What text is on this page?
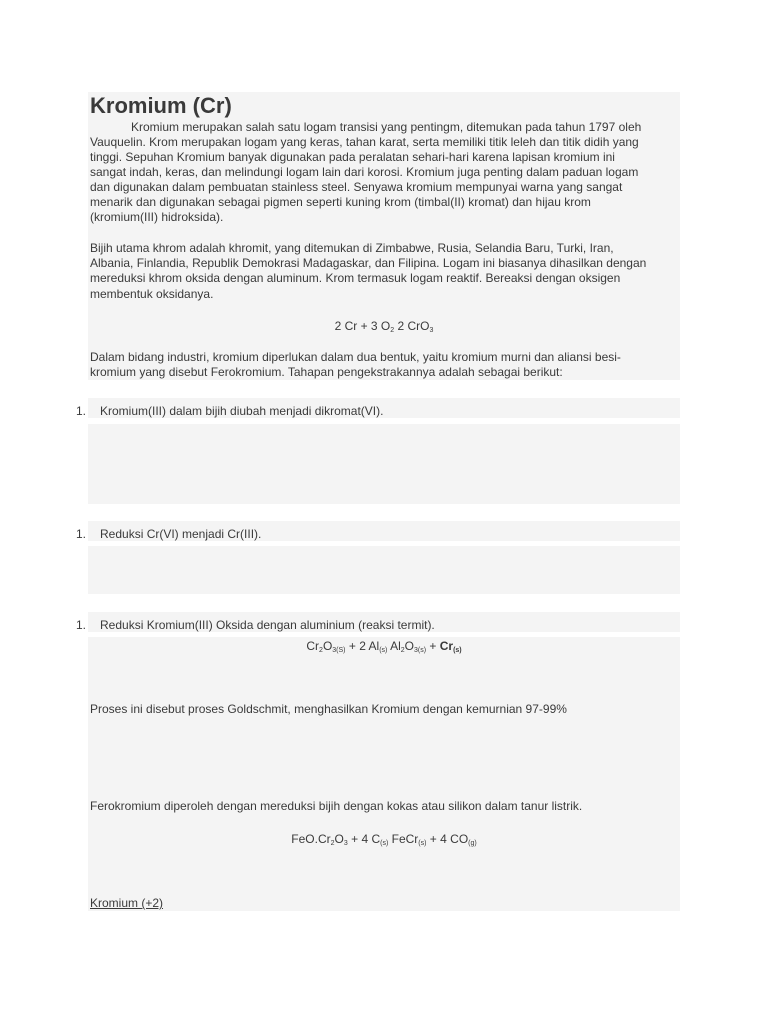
Kromium (Cr)
Kromium merupakan salah satu logam transisi yang pentingm, ditemukan pada tahun 1797 oleh
Vauquelin. Krom merupakan logam yang keras, tahan karat, serta memiliki titik leleh dan titik didih yang
tinggi. Sepuhan Kromium banyak digunakan pada peralatan sehari-hari karena lapisan kromium ini
sangat indah, keras, dan melindungi logam lain dari korosi. Kromium juga penting dalam paduan logam
dan digunakan dalam pembuatan stainless steel. Senyawa kromium mempunyai warna yang sangat
menarik dan digunakan sebagai pigmen seperti kuning krom (timbal(II) kromat) dan hijau krom
(kromium(III) hidroksida).
Bijih utama khrom adalah khromit, yang ditemukan di Zimbabwe, Rusia, Selandia Baru, Turki, Iran,
Albania, Finlandia, Republik Demokrasi Madagaskar, dan Filipina. Logam ini biasanya dihasilkan dengan
mereduksi khrom oksida dengan aluminum. Krom termasuk logam reaktif. Bereaksi dengan oksigen
membentuk oksidanya.
2 Cr + 3 $O_2$ 2 CrO$_3$
Dalam bidang industri, kromium diperlukan dalam dua bentuk, yaitu kromium murni dan aliansi besi-
kromium yang disebut Ferokromium. Tahapan pengekstrakannya adalah sebagai berikut:
1. Kromium(III) dalam bijih diubah menjadi dikromat(VI).
1. Reduksi Cr(VI) menjadi Cr(III).
1. Reduksi Kromium(III) Oksida dengan aluminium (reaksi termit).
$Cr_2O_{3(S)} + 2$ $Al_{(s)}$ $Al_2O_{3(s)} + Cr_{(s)}$
Proses ini disebut proses Goldschmit, menghasilkan Kromium dengan kemurnian 97-99%
Ferokromium diperoleh dengan mereduksi bijih dengan kokas atau silikon dalam tanur listrik.
$FeO.Cr_2O_3 + 4$ $C_{(s)}$ FeCr$_{(s)}$ + 4 $CO_{(g)}$
Kromium (+2)
